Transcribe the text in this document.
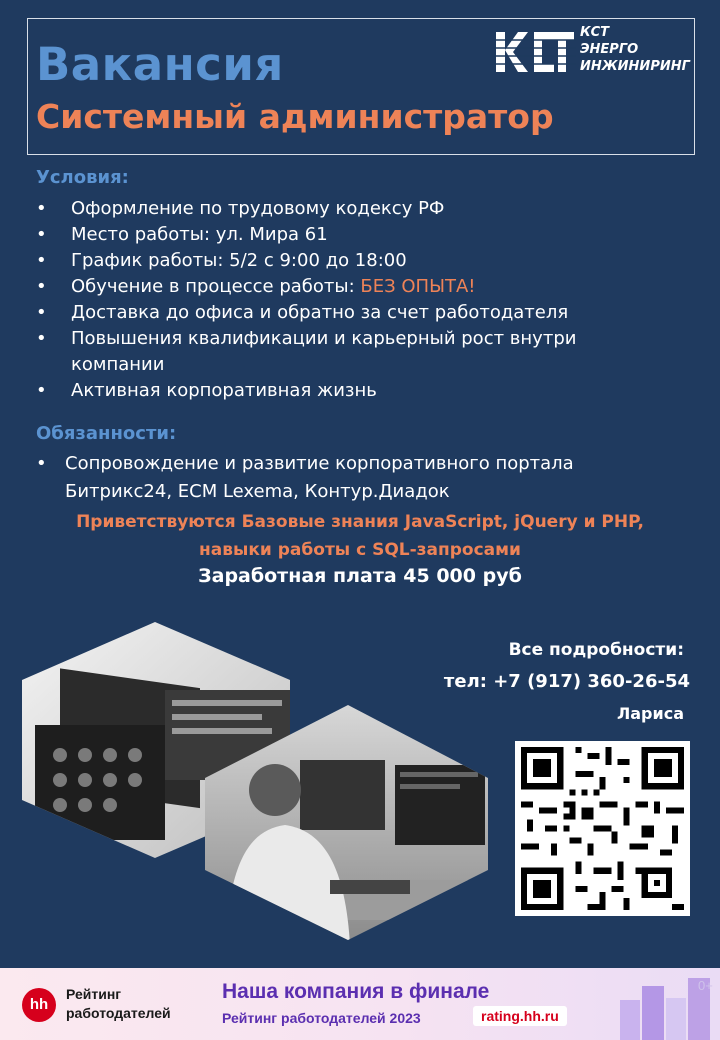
Вакансия
Системный администратор
КСТ
ЭНЕРГО
ИНЖИНИРИНГ
Условия:
• Оформление по трудовому кодексу РФ
• Место работы: ул. Мира 61
• График работы: 5/2 с 9:00 до 18:00
• Обучение в процессе работы: БЕЗ ОПЫТА!
• Доставка до офиса и обратно за счет работодателя
• Повышения квалификации и карьерный рост внутри компании
• Активная корпоративная жизнь
Обязанности:
• Сопровождение и развитие корпоративного портала Битрикс24, ECM Lexema, Контур.Диадок
Приветствуются Базовые знания JavaScript, jQuery и PHP,
навыки работы с SQL-запросами
Заработная плата 45 000 руб
Все подробности:
тел: +7 (917) 360-26-54
Лариса
hh
Рейтинг
работодателей
Наша компания в финале
Рейтинг работодателей 2023	rating.hh.ru
0+
